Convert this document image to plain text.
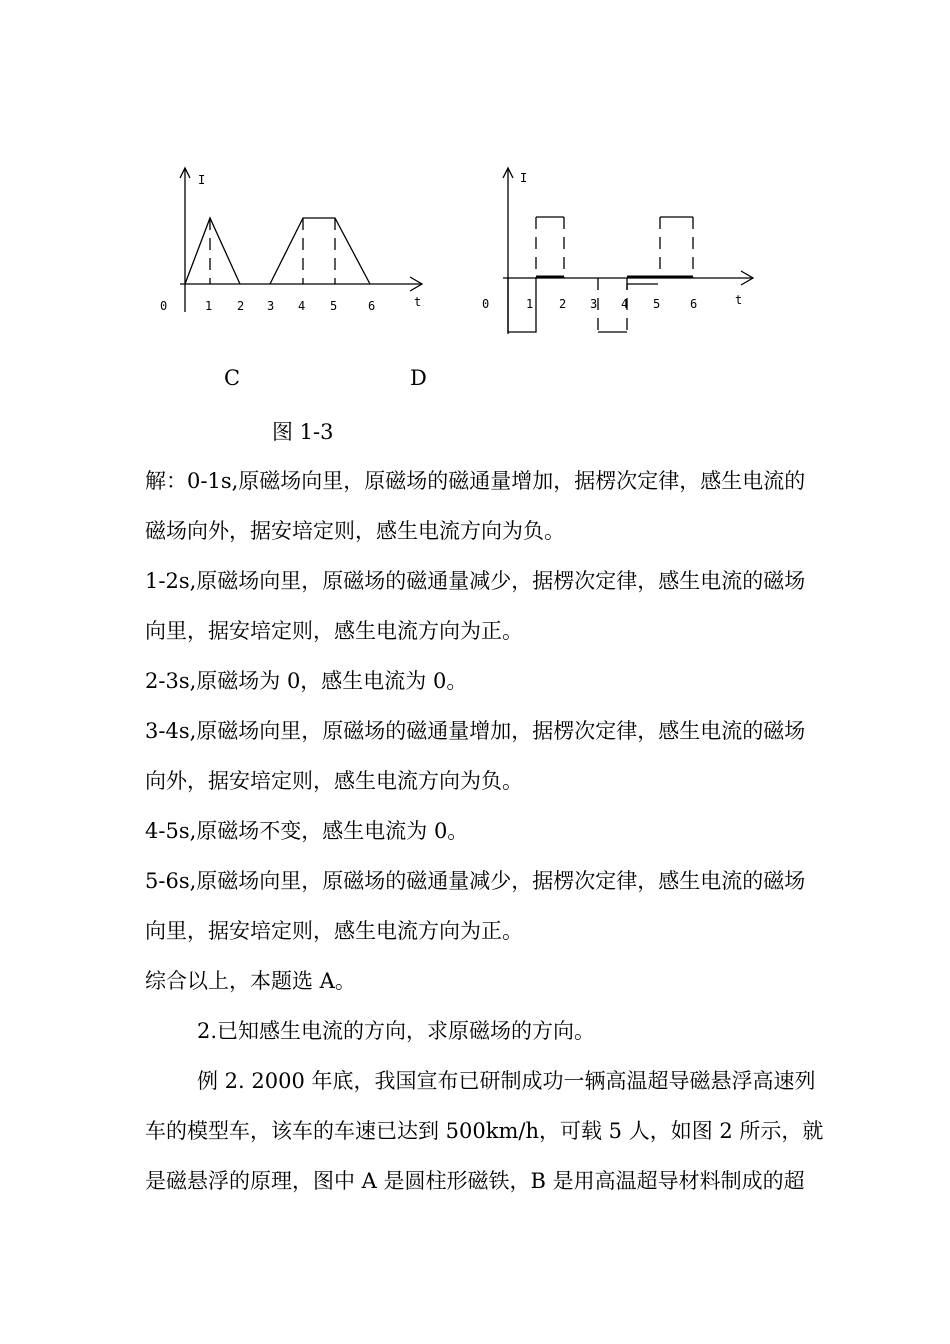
I
t
0	1 2 3 4 5	6
I
t
0	1 2 3 4 5 6
C	D
图 1-3

解：0-1s,原磁场向里，原磁场的磁通量增加，据楞次定律，感生电流的

磁场向外，据安培定则，感生电流方向为负。

1-2s,原磁场向里，原磁场的磁通量减少，据楞次定律，感生电流的磁场

向里，据安培定则，感生电流方向为正。

2-3s,原磁场为 0，感生电流为 0。

3-4s,原磁场向里，原磁场的磁通量增加，据楞次定律，感生电流的磁场

向外，据安培定则，感生电流方向为负。

4-5s,原磁场不变，感生电流为 0。

5-6s,原磁场向里，原磁场的磁通量减少，据楞次定律，感生电流的磁场

向里，据安培定则，感生电流方向为正。

综合以上，本题选 A。

2.已知感生电流的方向，求原磁场的方向。

例 2. 2000 年底，我国宣布已研制成功一辆高温超导磁悬浮高速列

车的模型车，该车的车速已达到 500km/h，可载 5 人，如图 2 所示，就

是磁悬浮的原理，图中 A 是圆柱形磁铁，B 是用高温超导材料制成的超
